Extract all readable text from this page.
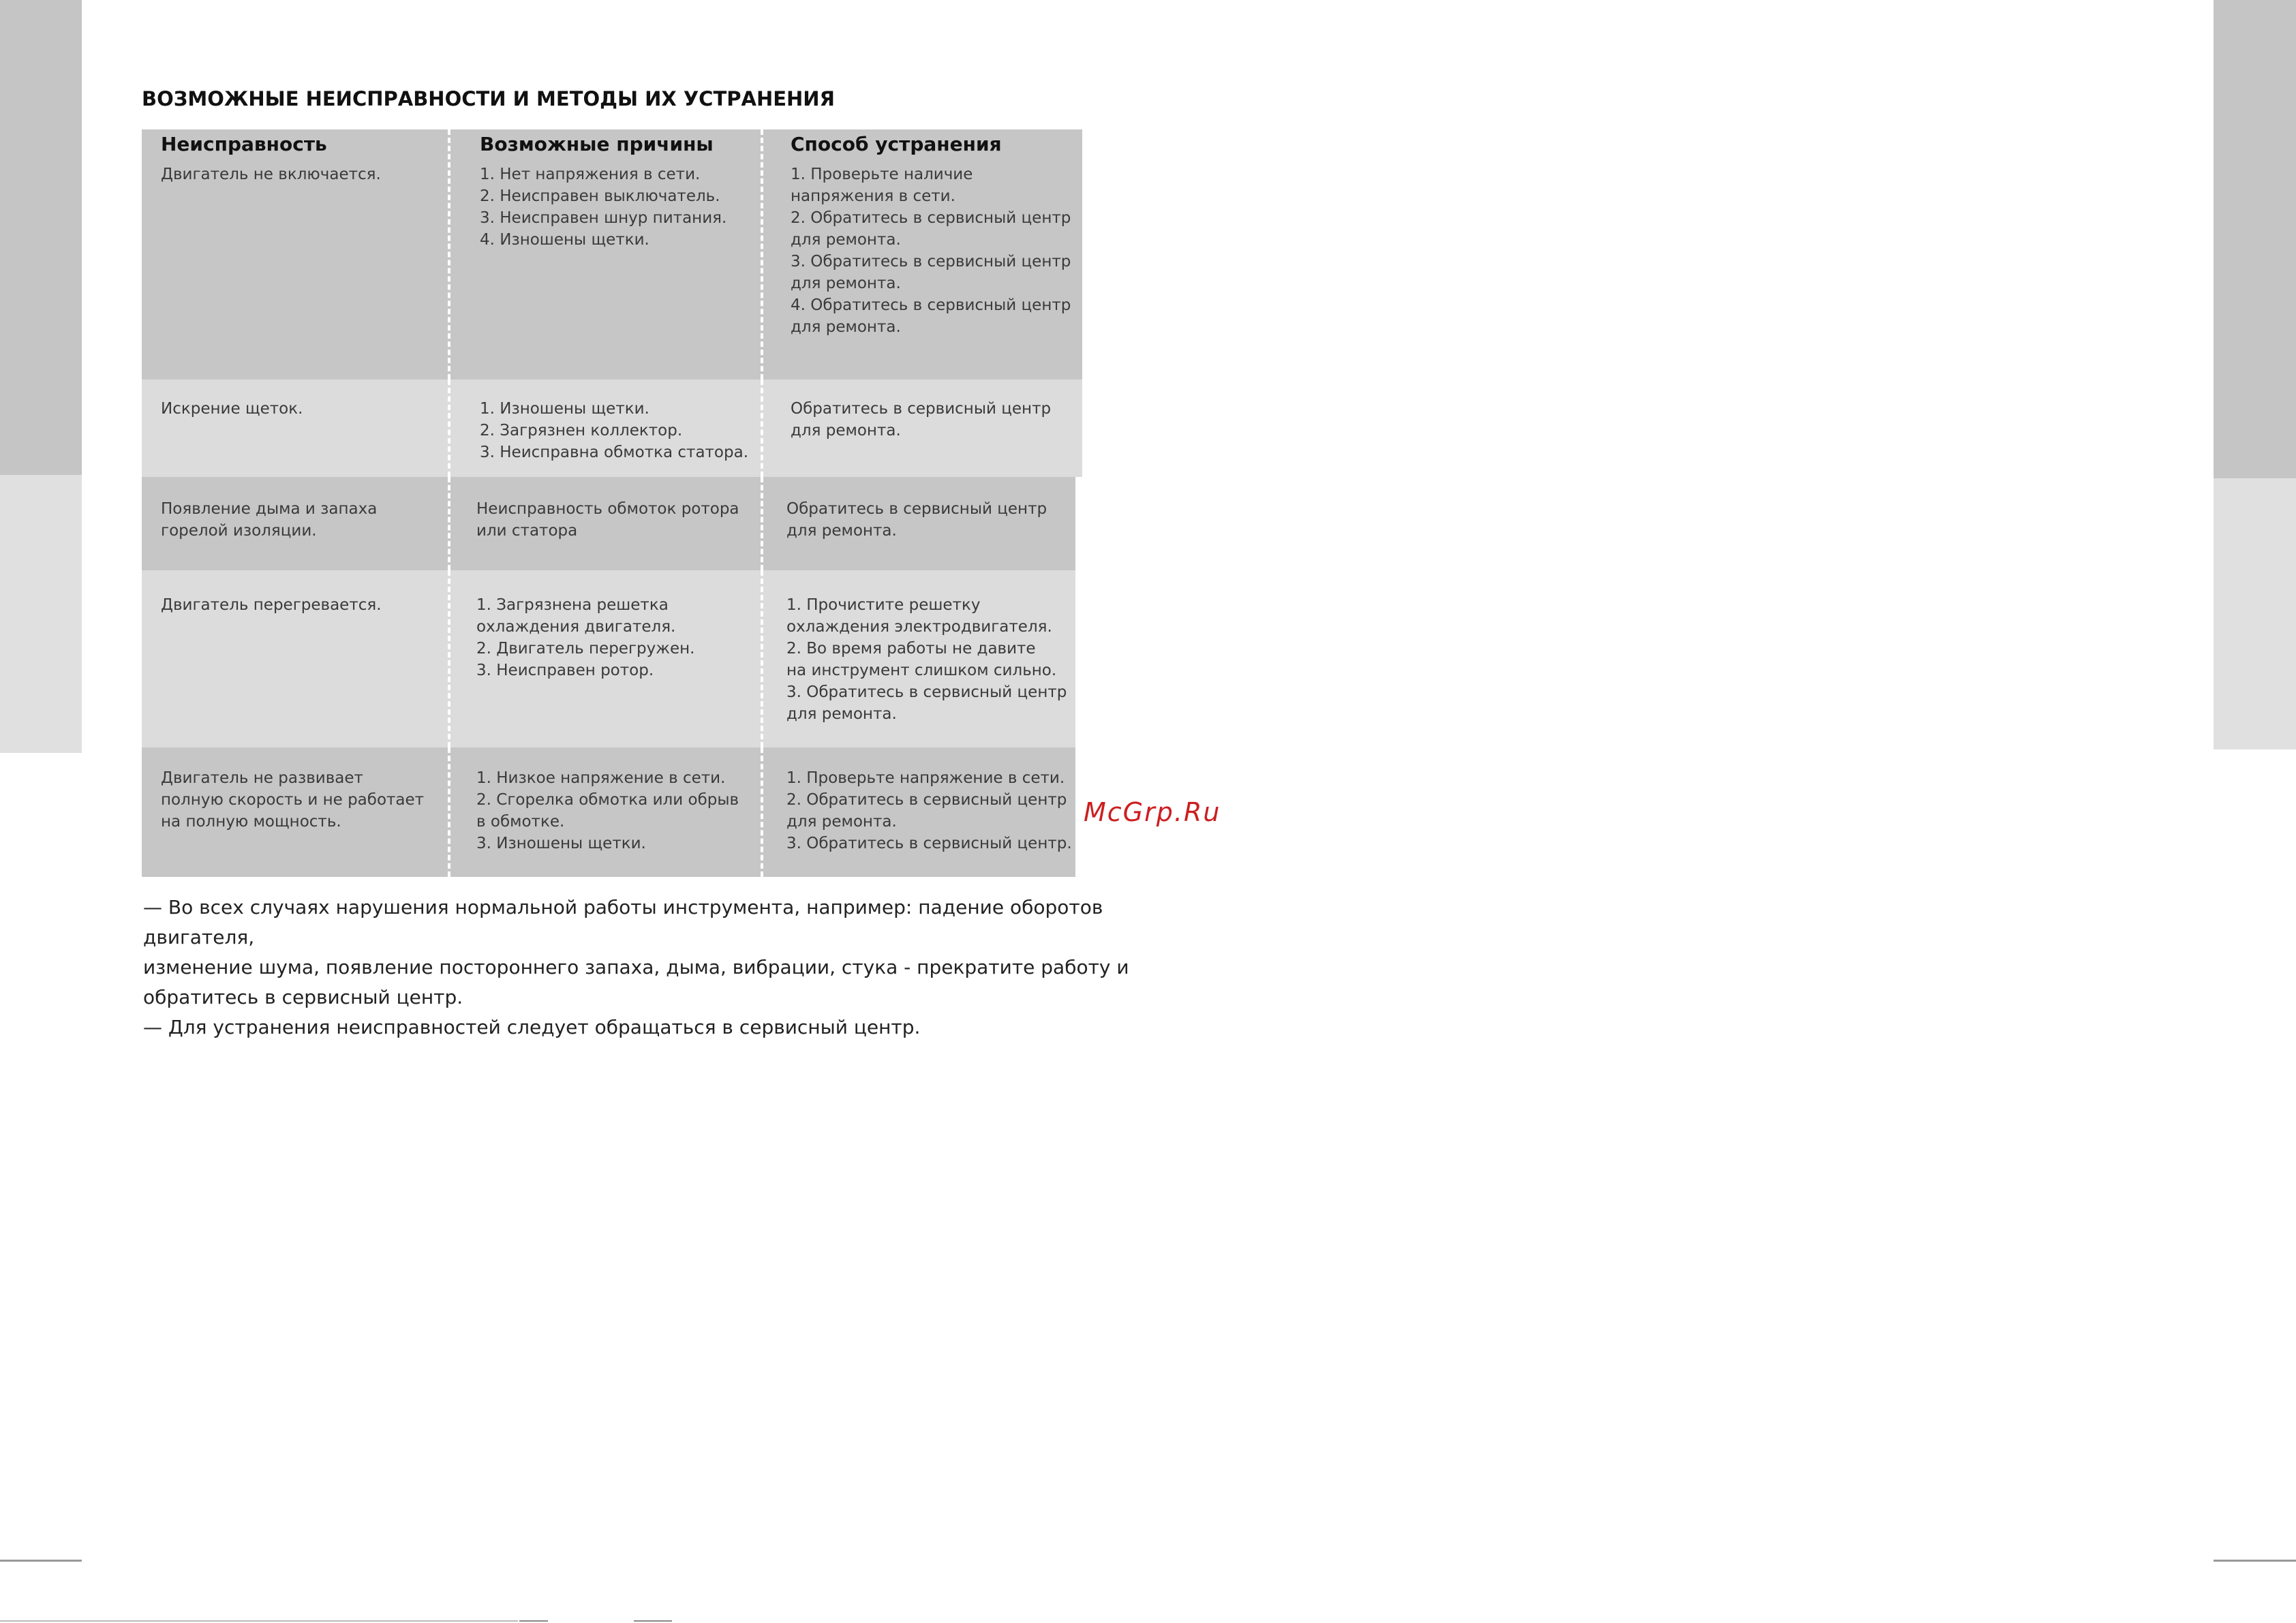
ВОЗМОЖНЫЕ НЕИСПРАВНОСТИ И МЕТОДЫ ИХ УСТРАНЕНИЯ
Неисправность
Двигатель не включается.
Возможные причины
1. Нет напряжения в сети.
2. Неисправен выключатель.
3. Неисправен шнур питания.
4. Изношены щетки.
Способ устранения
1. Проверьте наличие
напряжения в сети.
2. Обратитесь в сервисный центр
для ремонта.
3. Обратитесь в сервисный центр
для ремонта.
4. Обратитесь в сервисный центр
для ремонта.
Искрение щеток.	1. Изношены щетки.
2. Загрязнен коллектор.
3. Неисправна обмотка статора.
Обратитесь в сервисный центр
для ремонта.
Появление дыма и запаха
горелой изоляции.
Неисправность обмоток ротора
или статора
Обратитесь в сервисный центр
для ремонта.
Двигатель перегревается.	1. Загрязнена решетка
охлаждения двигателя.
2. Двигатель перегружен.
3. Неисправен ротор.
1. Прочистите решетку
охлаждения электродвигателя.
2. Во время работы не давите
на инструмент слишком сильно.
3. Обратитесь в сервисный центр
для ремонта.
Двигатель не развивает
полную скорость и не работает
на полную мощность.
1. Низкое напряжение в сети.
2. Сгорелка обмотка или обрыв
в обмотке.
3. Изношены щетки.
1. Проверьте напряжение в сети.
2. Обратитесь в сервисный центр
для ремонта.
3. Обратитесь в сервисный центр.
McGrp.Ru

— Во всех случаях нарушения нормальной работы инструмента, например: падение оборотов двигателя,
изменение шума, появление постороннего запаха, дыма, вибрации, стука - прекратите работу и
обратитесь в сервисный центр.

— Для устранения неисправностей следует обращаться в сервисный центр.
